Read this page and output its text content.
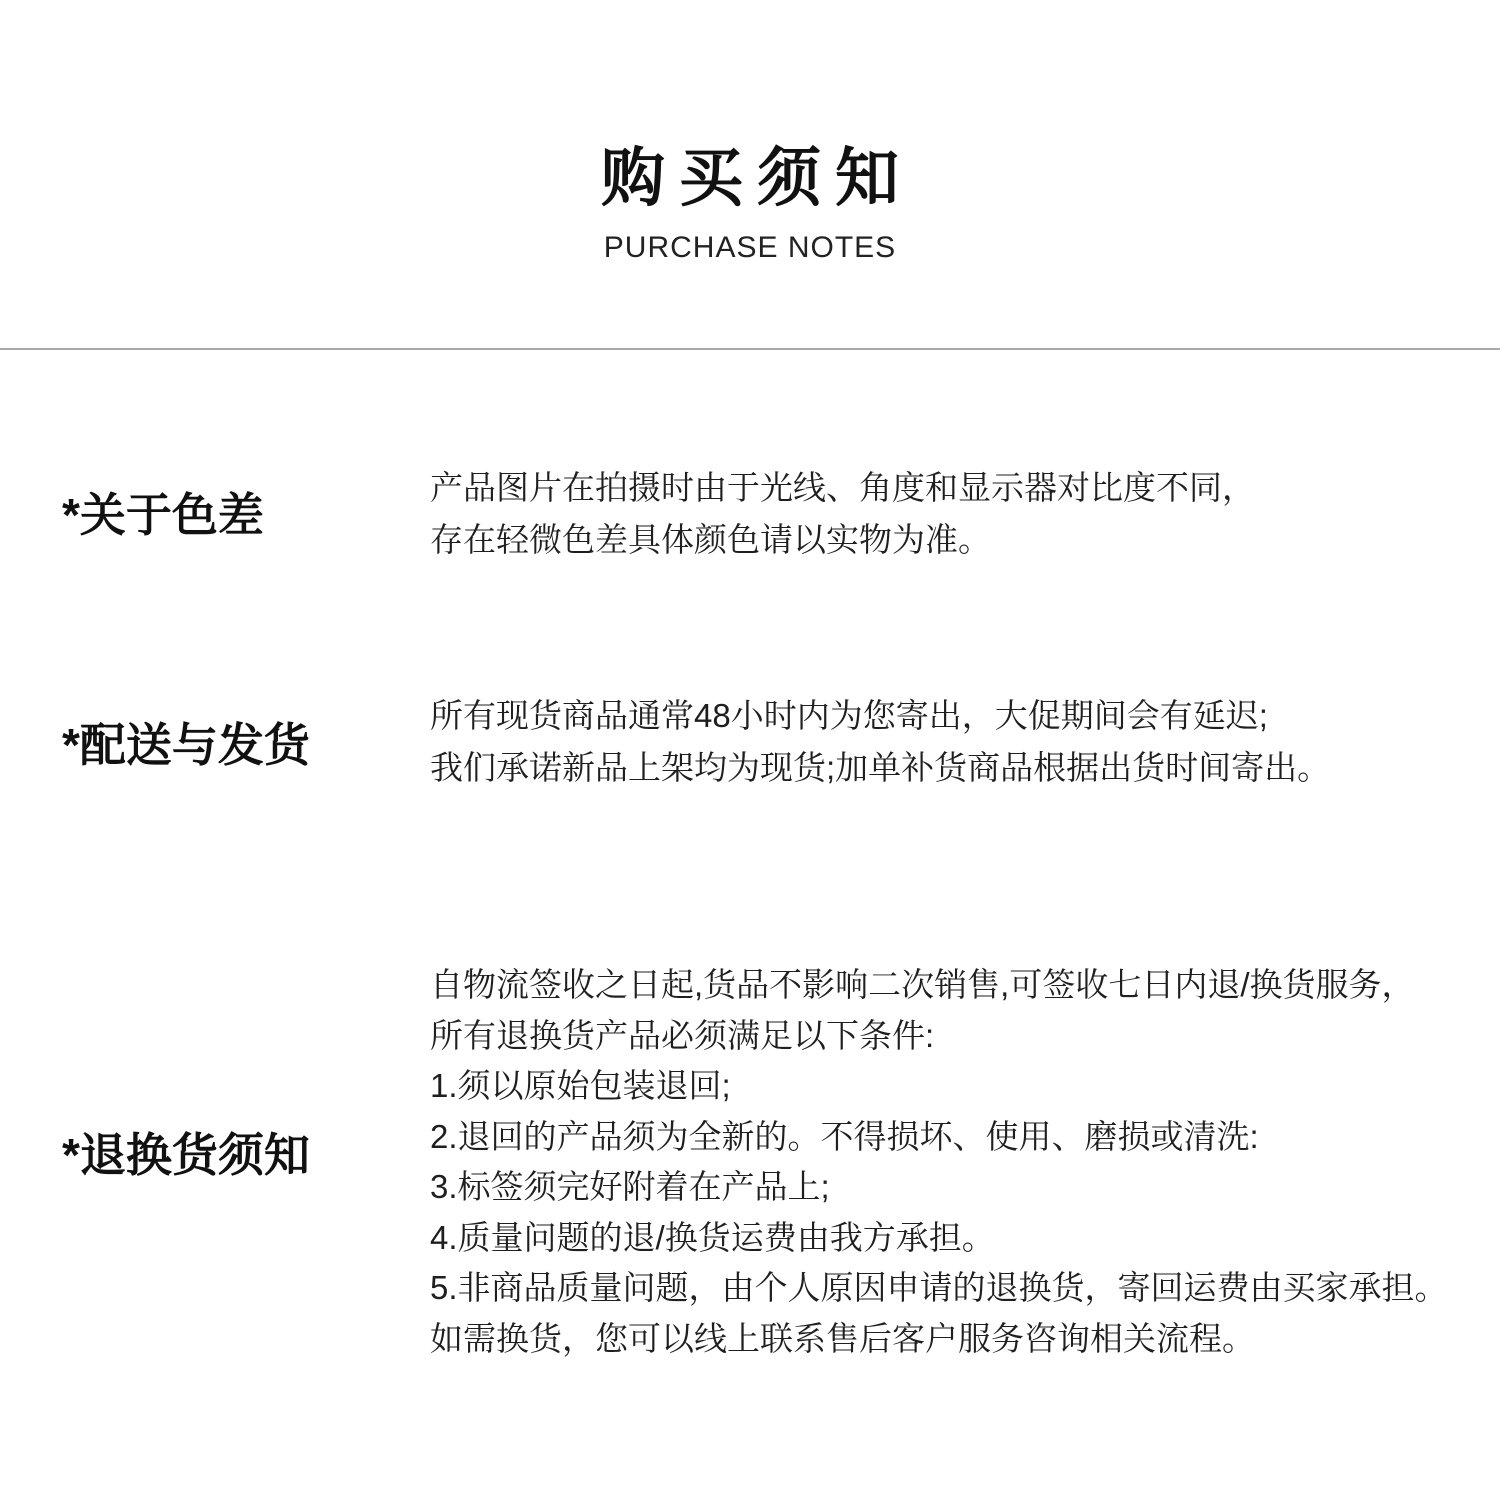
购买须知
PURCHASE NOTES
*关于色差
产品图片在拍摄时由于光线、角度和显示器对比度不同，
存在轻微色差具体颜色请以实物为准。
*配送与发货
所有现货商品通常48小时内为您寄出，大促期间会有延迟;
我们承诺新品上架均为现货;加单补货商品根据出货时间寄出。
*退换货须知
自物流签收之日起,货品不影响二次销售,可签收七日内退/换货服务，
所有退换货产品必须满足以下条件:
1.须以原始包装退回;
2.退回的产品须为全新的。不得损坏、使用、磨损或清洗:
3.标签须完好附着在产品上;
4.质量问题的退/换货运费由我方承担。
5.非商品质量问题，由个人原因申请的退换货，寄回运费由买家承担。
如需换货，您可以线上联系售后客户服务咨询相关流程。
